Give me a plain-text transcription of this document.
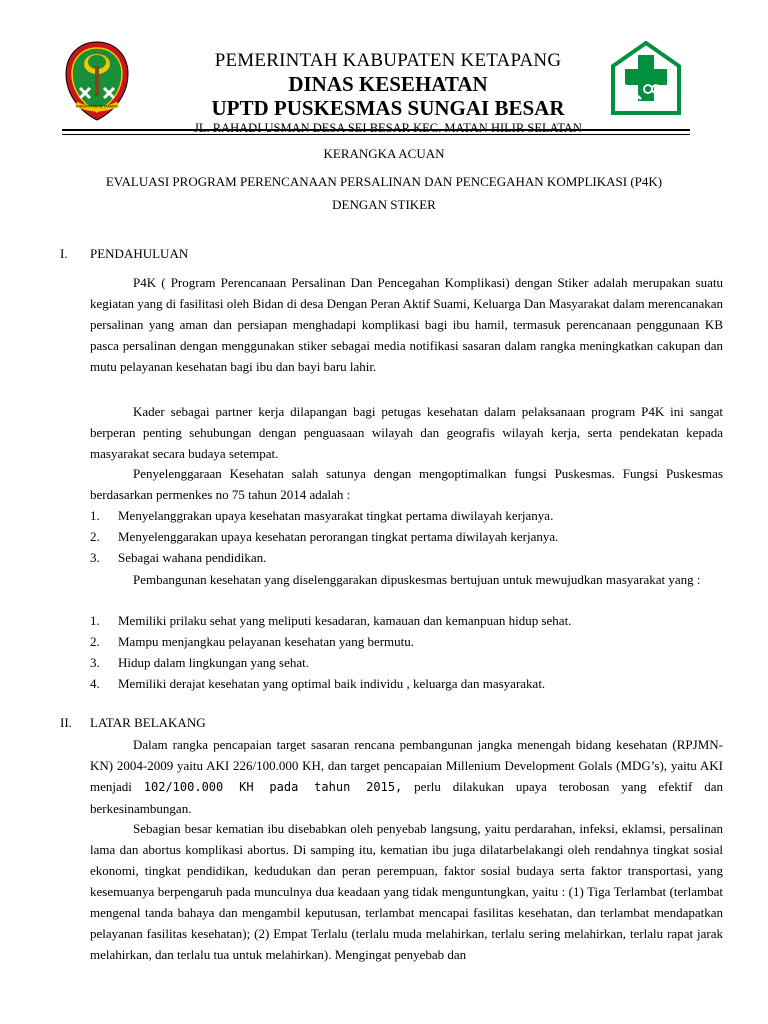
KABUPATEN KETAPANG
PEMERINTAH KABUPATEN KETAPANG
DINAS KESEHATAN
UPTD PUSKESMAS SUNGAI BESAR
JL. RAHADI USMAN DESA SEI BESAR KEC. MATAN HILIR SELATAN
KERANGKA ACUAN
EVALUASI PROGRAM PERENCANAAN PERSALINAN DAN PENCEGAHAN KOMPLIKASI (P4K)
DENGAN STIKER
I. PENDAHULUAN
P4K ( Program Perencanaan Persalinan Dan Pencegahan Komplikasi) dengan Stiker adalah merupakan suatu kegiatan yang di fasilitasi oleh Bidan di desa Dengan Peran Aktif Suami, Keluarga Dan Masyarakat dalam merencanakan persalinan yang aman dan persiapan menghadapi komplikasi bagi ibu hamil, termasuk perencanaan penggunaan KB pasca persalinan dengan menggunakan stiker sebagai media notifikasi sasaran dalam rangka meningkatkan cakupan dan mutu pelayanan kesehatan bagi ibu dan bayi baru lahir.
Kader sebagai partner kerja dilapangan bagi petugas kesehatan dalam pelaksanaan program P4K ini sangat berperan penting sehubungan dengan penguasaan wilayah dan geografis wilayah kerja, serta pendekatan kepada masyarakat secara budaya setempat.
Penyelenggaraan Kesehatan salah satunya dengan mengoptimalkan fungsi Puskesmas. Fungsi Puskesmas berdasarkan permenkes no 75 tahun 2014 adalah :
1. Menyelanggrakan upaya kesehatan masyarakat tingkat pertama diwilayah kerjanya.
2. Menyelenggarakan upaya kesehatan perorangan tingkat pertama diwilayah kerjanya.
3. Sebagai wahana pendidikan.
Pembangunan kesehatan yang diselenggarakan dipuskesmas bertujuan untuk mewujudkan masyarakat yang :
1. Memiliki prilaku sehat yang meliputi kesadaran, kamauan dan kemanpuan hidup sehat.
2. Mampu menjangkau pelayanan kesehatan yang bermutu.
3. Hidup dalam lingkungan yang sehat.
4. Memiliki derajat kesehatan yang optimal baik individu , keluarga dan masyarakat.
II. LATAR BELAKANG
Dalam rangka pencapaian target sasaran rencana pembangunan jangka menengah bidang kesehatan (RPJMN-KN) 2004-2009 yaitu AKI 226/100.000 KH, dan target pencapaian Millenium Development Golals (MDG’s), yaitu AKI menjadi 102/100.000 KH pada tahun 2015, perlu dilakukan upaya terobosan yang efektif dan berkesinambungan.
Sebagian besar kematian ibu disebabkan oleh penyebab langsung, yaitu perdarahan, infeksi, eklamsi, persalinan lama dan abortus komplikasi abortus. Di samping itu, kematian ibu juga dilatarbelakangi oleh rendahnya tingkat sosial ekonomi, tingkat pendidikan, kedudukan dan peran perempuan, faktor sosial budaya serta faktor transportasi, yang kesemuanya berpengaruh pada munculnya dua keadaan yang tidak menguntungkan, yaitu : (1) Tiga Terlambat (terlambat mengenal tanda bahaya dan mengambil keputusan, terlambat mencapai fasilitas kesehatan, dan terlambat mendapatkan pelayanan fasilitas kesehatan); (2) Empat Terlalu (terlalu muda melahirkan, terlalu sering melahirkan, terlalu rapat jarak melahirkan, dan terlalu tua untuk melahirkan). Mengingat penyebab dan
